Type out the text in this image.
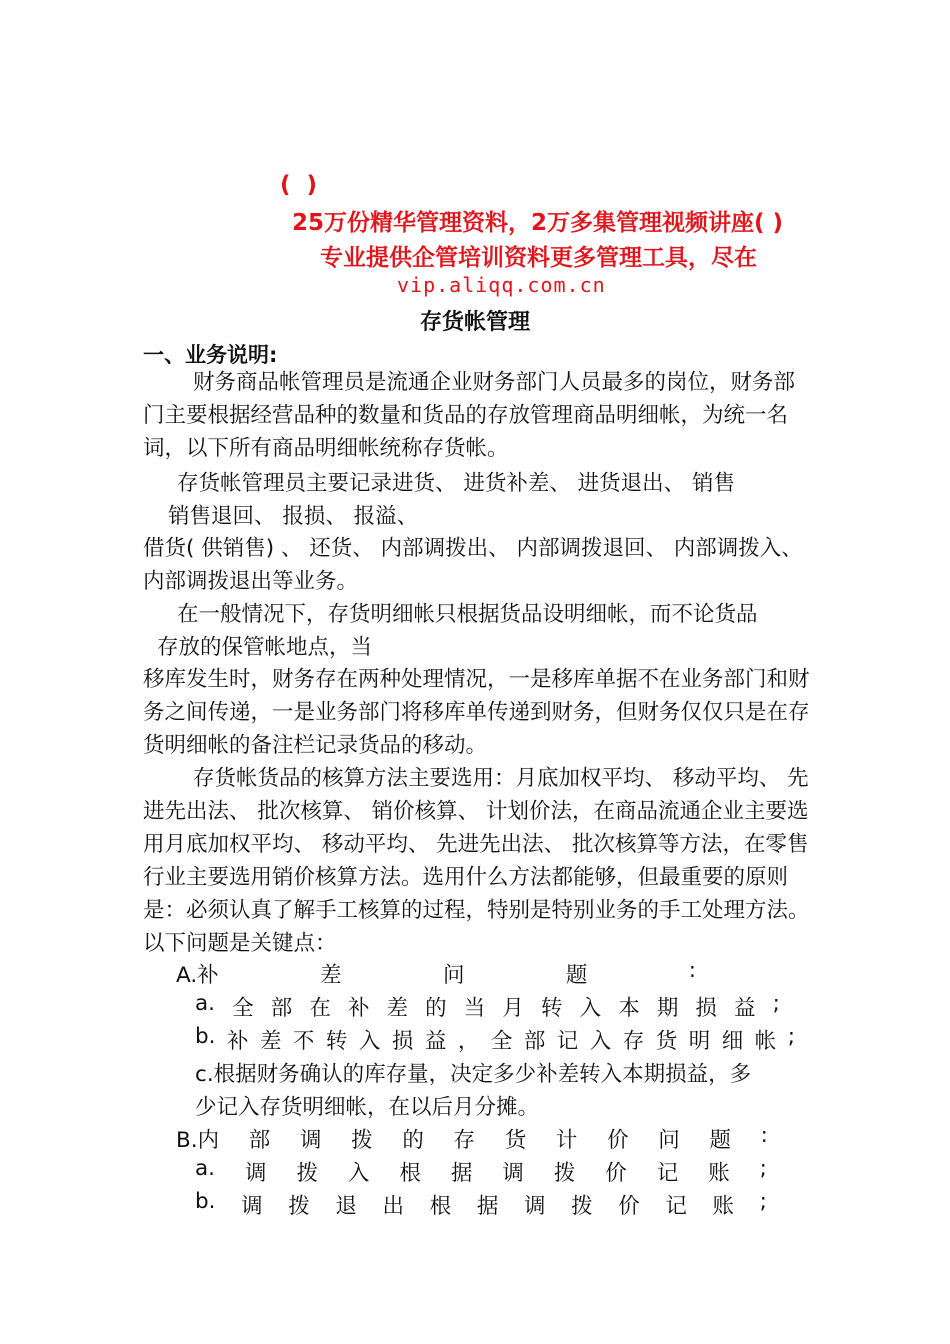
( )
25万份精华管理资料，2万多集管理视频讲座( )
专业提供企管培训资料更多管理工具，尽在
vip.aliqq.com.cn
存货帐管理
一、业务说明:

财务商品帐管理员是流通企业财务部门人员最多的岗位，财务部门主要根据经营品种的数量和货品的存放管理商品明细帐，为统一名词，以下所有商品明细帐统称存货帐。

存货帐管理员主要记录进货、 进货补差、 进货退出、 销售
销售退回、 报损、 报溢、

借货( 供销售) 、 还货、 内部调拨出、 内部调拨退回、 内部调拨入、 内部调拨退出等业务。

在一般情况下，存货明细帐只根据货品设明细帐，而不论货品
存放的保管帐地点，当

移库发生时，财务存在两种处理情况，一是移库单据不在业务部门和财务之间传递，一是业务部门将移库单传递到财务，但财务仅仅只是在存货明细帐的备注栏记录货品的移动。

存货帐货品的核算方法主要选用：月底加权平均、 移动平均、 先进先出法、 批次核算、 销价核算、 计划价法，在商品流通企业主要选用月底加权平均、 移动平均、 先进先出法、 批次核算等方法，在零售行业主要选用销价核算方法。选用什么方法都能够，但最重要的原则是：必须认真了解手工核算的过程，特别是特别业务的手工处理方法。以下问题是关键点：

A.补	差	问	题	:
a. 全 部 在 补 差 的 当 月 转 入 本 期 损 益 ;
b. 补 差 不 转 入 损 益 ， 全 部 记 入 存 货 明 细 帐 ;
c.根据财务确认的库存量，决定多少补差转入本期损益，多
少记入存货明细帐，在以后月分摊。
B.内 部 调 拨 的 存 货 计 价 问 题 :
a. 调 拨 入 根 据 调 拨 价 记 账 ;
b. 调 拨 退 出 根 据 调 拨 价 记 账 ;
